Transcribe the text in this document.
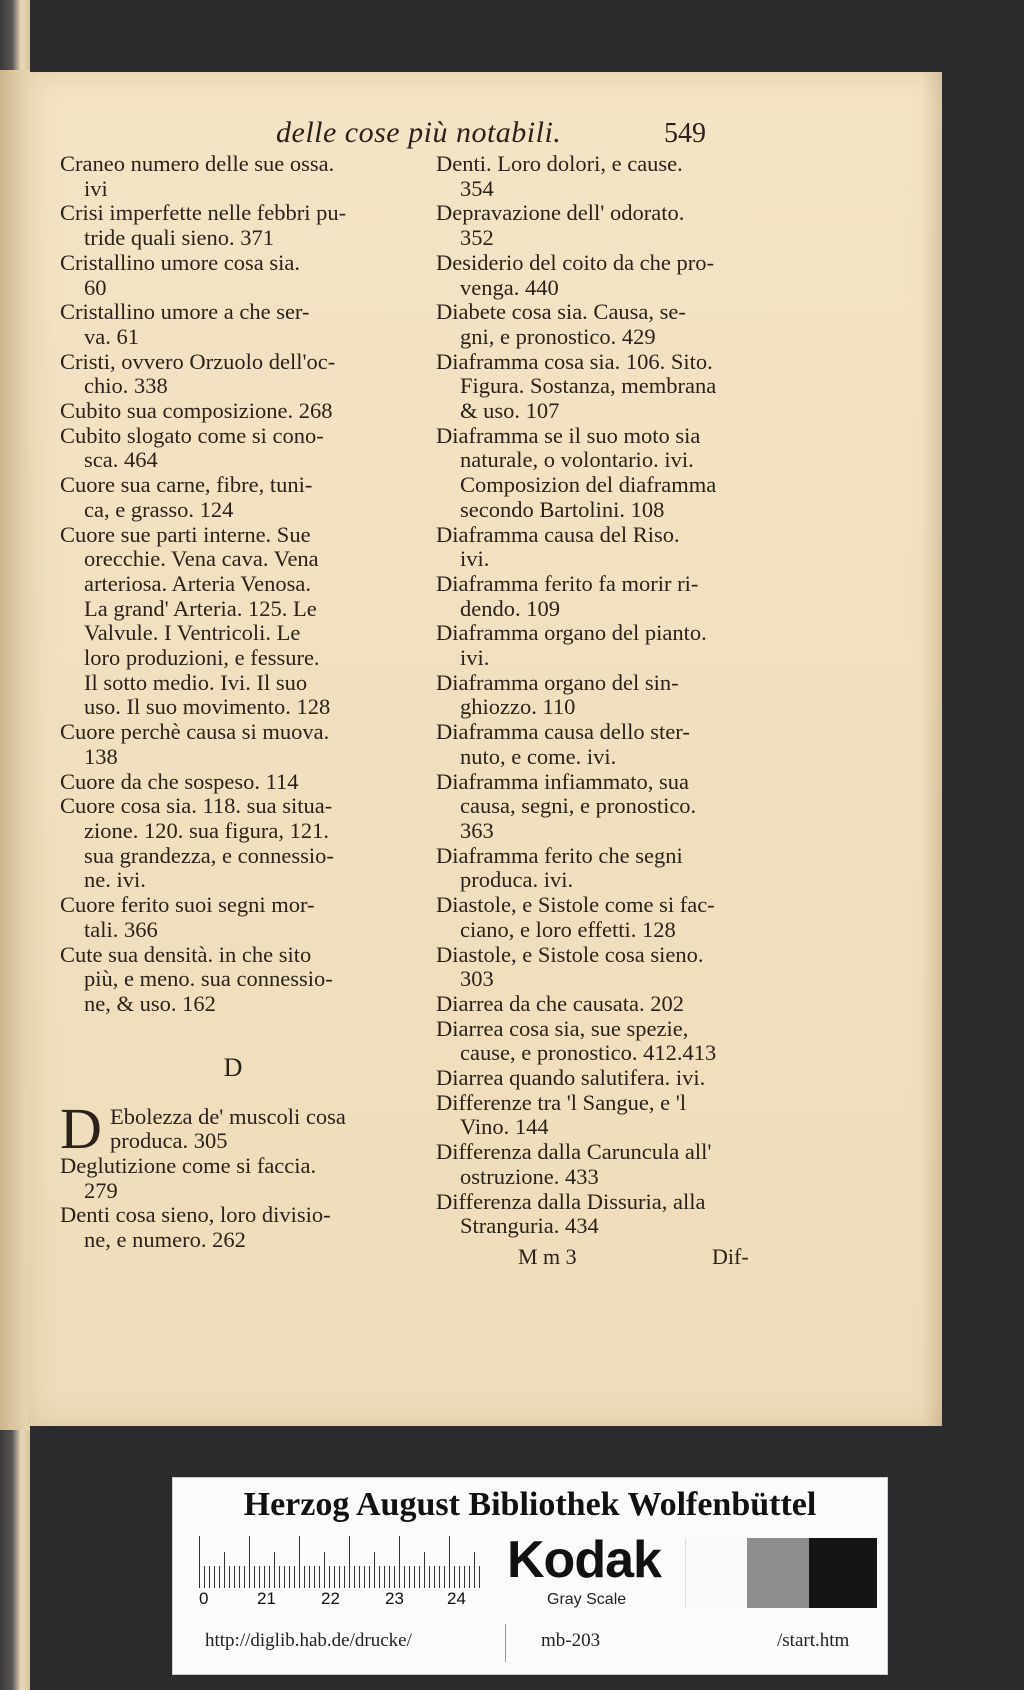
delle cose più notabili.	549

Craneo numero delle sue ossa.
ivi

Crisi imperfette nelle febbri pu-
tride quali sieno. 371

Cristallino umore cosa sia.
60

Cristallino umore a che ser-
va. 61

Cristi, ovvero Orzuolo dell'oc-
chio. 338

Cubito sua composizione. 268

Cubito slogato come si cono-
sca. 464

Cuore sua carne, fibre, tuni-
ca, e grasso. 124

Cuore sue parti interne. Sue
orecchie. Vena cava. Vena
arteriosa. Arteria Venosa.
La grand' Arteria. 125. Le
Valvule. I Ventricoli. Le
loro produzioni, e fessure.
Il sotto medio. Ivi. Il suo
uso. Il suo movimento. 128

Cuore perchè causa si muova.
138

Cuore da che sospeso. 114

Cuore cosa sia. 118. sua situa-
zione. 120. sua figura, 121.
sua grandezza, e connessio-
ne. ivi.

Cuore ferito suoi segni mor-
tali. 366

Cute sua densità. in che sito
più, e meno. sua connessio-
ne, & uso. 162

D

D Ebolezza de' muscoli cosa
produca. 305

Deglutizione come si faccia.
279

Denti cosa sieno, loro divisio-
ne, e numero. 262

Denti. Loro dolori, e cause.
354

Depravazione dell' odorato.
352

Desiderio del coito da che pro-
venga. 440

Diabete cosa sia. Causa, se-
gni, e pronostico. 429

Diaframma cosa sia. 106. Sito.
Figura. Sostanza, membrana
& uso. 107

Diaframma se il suo moto sia
naturale, o volontario. ivi.
Composizion del diaframma
secondo Bartolini. 108

Diaframma causa del Riso.
ivi.

Diaframma ferito fa morir ri-
dendo. 109

Diaframma organo del pianto.
ivi.

Diaframma organo del sin-
ghiozzo. 110

Diaframma causa dello ster-
nuto, e come. ivi.

Diaframma infiammato, sua
causa, segni, e pronostico.
363

Diaframma ferito che segni
produca. ivi.

Diastole, e Sistole come si fac-
ciano, e loro effetti. 128

Diastole, e Sistole cosa sieno.
303

Diarrea da che causata. 202

Diarrea cosa sia, sue spezie,
cause, e pronostico. 412.413

Diarrea quando salutifera. ivi.

Differenze tra 'l Sangue, e 'l
Vino. 144

Differenza dalla Caruncula all'
ostruzione. 433

Differenza dalla Dissuria, alla
Stranguria. 434

M m 3	Dif-
Herzog August Bibliothek Wolfenbüttel
0	21	22	23	24
Kodak
Gray Scale
http://diglib.hab.de/drucke/	mb-203	/start.htm
